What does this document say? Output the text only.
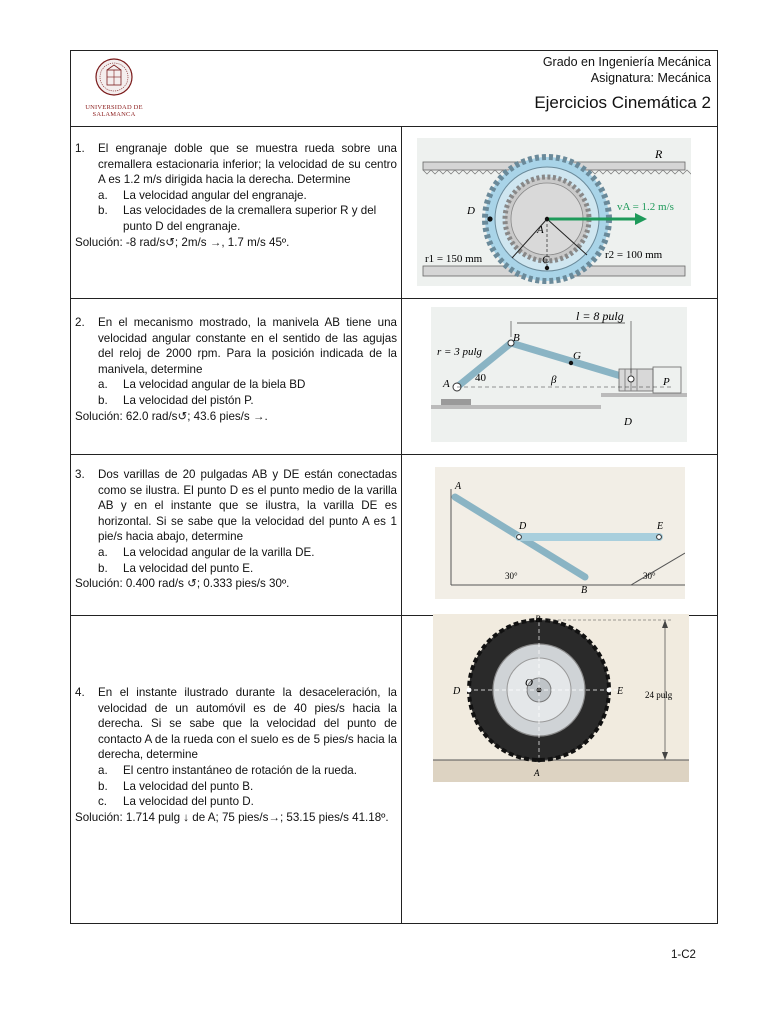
UNIVERSIDAD DE SALAMANCA
Grado en Ingeniería Mecánica
Asignatura: Mecánica
Ejercicios Cinemática 2
1.	El engranaje doble que se muestra rueda sobre una cremallera estacionaria inferior; la velocidad de su centro A es 1.2 m/s dirigida hacia la derecha. Determine
a.	La velocidad angular del engranaje.
b.	Las velocidades de la cremallera superior R y del punto D del engranaje.
Solución: -8 rad/s↺; 2m/s →, 1.7 m/s 45º.
R
vA = 1.2 m/s
D
A
C
r1 = 150 mm	r2 = 100 mm
2.	En el mecanismo mostrado, la manivela AB tiene una velocidad angular constante en el sentido de las agujas del reloj de 2000 rpm. Para la posición indicada de la manivela, determine
a.	La velocidad angular de la biela BD
b.	La velocidad del pistón P.
Solución: 62.0 rad/s↺; 43.6 pies/s →.
l = 8 pulg
r = 3 pulg
B
G
40	β
A	P
D
3.	Dos varillas de 20 pulgadas AB y DE están conectadas como se ilustra. El punto D es el punto medio de la varilla AB y en el instante que se ilustra, la varilla DE es horizontal. Si se sabe que la velocidad del punto A es 1 pie/s hacia abajo, determine
a.	La velocidad angular de la varilla DE.
b.	La velocidad del punto E.
Solución: 0.400 rad/s ↺; 0.333 pies/s 30º.
A
D	E
B
30°	30°
4.	En el instante ilustrado durante la desaceleración, la velocidad de un automóvil es de 40 pies/s hacia la derecha. Si se sabe que la velocidad del punto de contacto A de la rueda con el suelo es de 5 pies/s hacia la derecha, determine
a.	El centro instantáneo de rotación de la rueda.
b.	La velocidad del punto B.
c.	La velocidad del punto D.
Solución: 1.714 pulg ↓ de A; 75 pies/s→; 53.15 pies/s 41.18º.
B
D
O
E
A
24 pulg
1-C2
